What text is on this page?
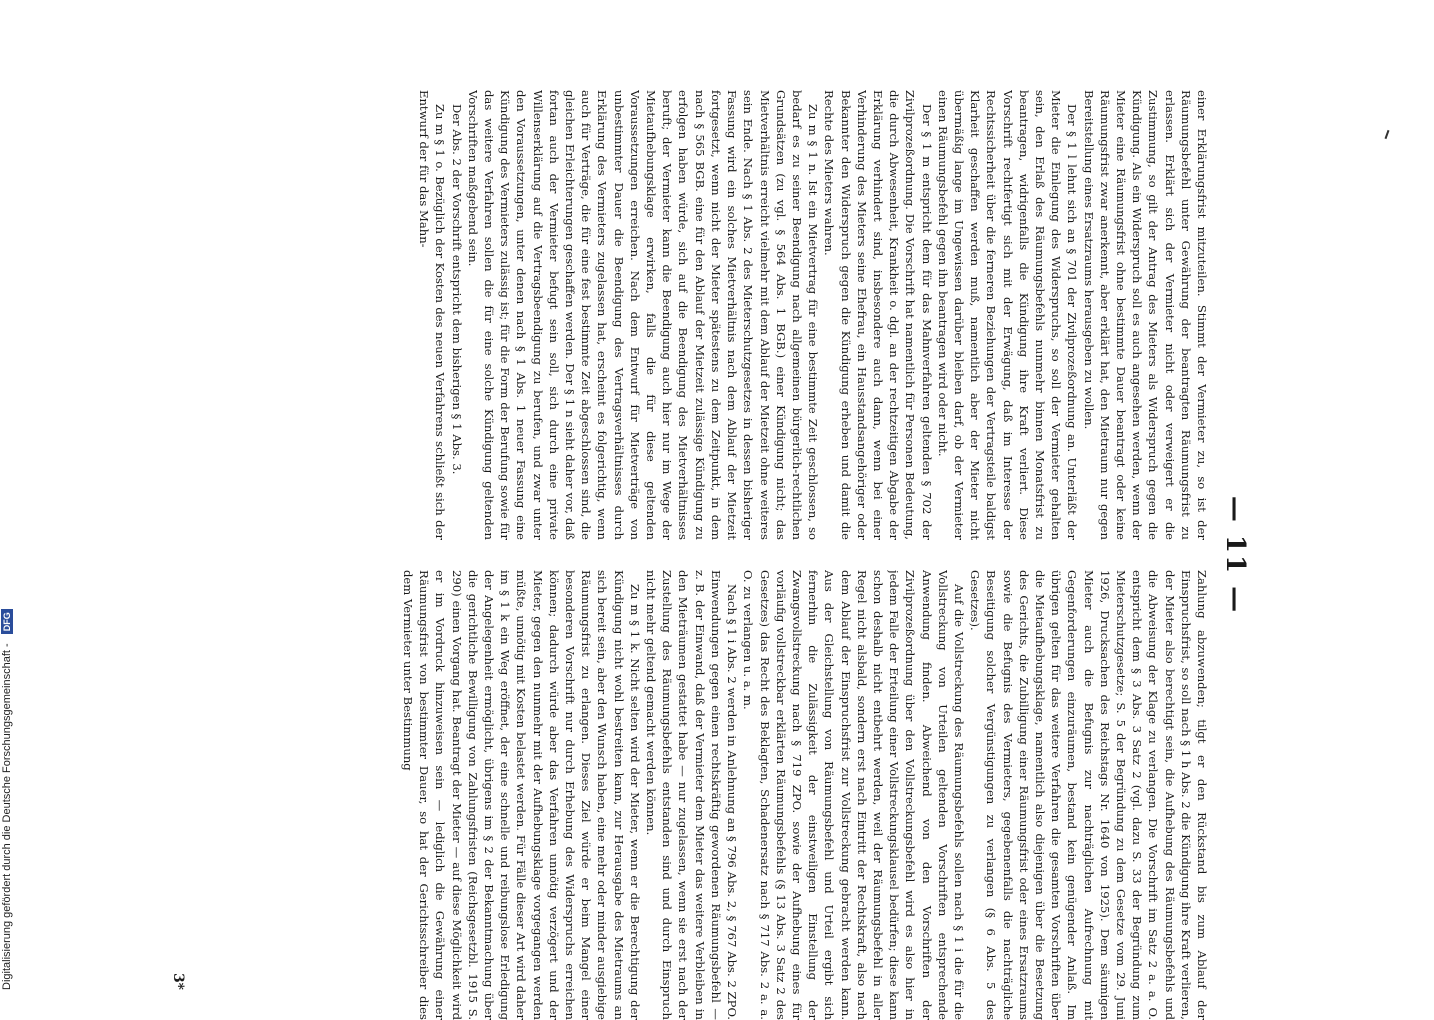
Digitalisierung gefördert durch die Deutsche Forschungsgemeinschaft - DFG
— 11 —

einer Erklärungsfrist mitzuteilen. Stimmt der Vermieter zu, so ist der Räumungsbefehl unter Gewährung der beantragten Räumungsfrist zu erlassen. Erklärt sich der Vermieter nicht oder verweigert er die Zustimmung, so gilt der Antrag des Mieters als Widerspruch gegen die Kündigung. Als ein Widerspruch soll es auch angesehen werden, wenn der Mieter eine Räumungsfrist ohne bestimmte Dauer beantragt oder keine Räumungsfrist zwar anerkennt, aber erklärt hat, den Mietraum nur gegen Bereitstellung eines Ersatzraums herausgeben zu wollen.

Der § 1 l lehnt sich an § 701 der Zivilprozeßordnung an. Unterläßt der Mieter die Einlegung des Widerspruchs, so soll der Vermieter gehalten sein, den Erlaß des Räumungsbefehls nunmehr binnen Monatsfrist zu beantragen, widrigenfalls die Kündigung ihre Kraft verliert. Diese Vorschrift rechtfertigt sich mit der Erwägung, daß im Interesse der Rechtssicherheit über die ferneren Beziehungen der Vertragsteile baldigst Klarheit geschaffen werden muß, namentlich aber der Mieter nicht übermäßig lange im Ungewissen darüber bleiben darf, ob der Vermieter einen Räumungsbefehl gegen ihn beantragen wird oder nicht.

Der § 1 m entspricht dem für das Mahnverfahren geltenden § 702 der Zivilprozeßordnung. Die Vorschrift hat namentlich für Personen Bedeutung, die durch Abwesenheit, Krankheit o. dgl. an der rechtzeitigen Abgabe der Erklärung verhindert sind, insbesondere auch dann, wenn bei einer Verhinderung des Mieters seine Ehefrau, ein Hausstandsangehöriger oder Bekannter den Widerspruch gegen die Kündigung erheben und damit die Rechte des Mieters wahren.

Zu m § 1 n. Ist ein Mietvertrag für eine bestimmte Zeit geschlossen, so bedarf es zu seiner Beendigung nach allgemeinen bürgerlich-rechtlichen Grundsätzen (zu vgl. § 564 Abs. 1 BGB.) einer Kündigung nicht; das Mietverhältnis erreicht vielmehr mit dem Ablauf der Mietzeit ohne weiteres sein Ende. Nach § 1 Abs. 2 des Mieterschutzgesetzes in dessen bisheriger Fassung wird ein solches Mietverhältnis nach dem Ablauf der Mietzeit fortgesetzt, wenn nicht der Mieter spätestens zu dem Zeitpunkt, in dem nach § 565 BGB. eine für den Ablauf der Mietzeit zulässige Kündigung zu erfolgen haben würde, sich auf die Beendigung des Mietverhältnisses beruft; der Vermieter kann die Beendigung auch hier nur im Wege der Mietaufhebungsklage erwirken, falls die für diese geltenden Voraussetzungen erreichen. Nach dem Entwurf für Mietverträge von unbestimmter Dauer die Beendigung des Vertragsverhältnisses durch Erklärung des Vermieters zugelassen hat, erscheint es folgerichtig, wenn auch für Verträge, die für eine fest bestimmte Zeit abgeschlossen sind, die gleichen Erleichterungen geschaffen werden. Der § 1 n sieht daher vor, daß fortan auch der Vermieter befugt sein soll, sich durch eine private Willenserklärung auf die Vertragsbeendigung zu berufen, und zwar unter den Voraussetzungen, unter denen nach § 1 Abs. 1 neuer Fassung eine Kündigung des Vermieters zulässig ist; für die Form der Berufung sowie für das weitere Verfahren sollen die für eine solche Kündigung geltenden Vorschriften maßgebend sein.

Der Abs. 2 der Vorschrift entspricht dem bisherigen § 1 Abs. 3.

Zu m § 1 o. Bezüglich der Kosten des neuen Verfahrens schließt sich der Entwurf der für das Mahn-

Zahlung abzuwenden; tilgt er den Rückstand bis zum Ablauf der Einspruchsfrist, so soll nach § 1 h Abs. 2 die Kündigung ihre Kraft verlieren, der Mieter also berechtigt sein, die Aufhebung des Räumungsbefehls und die Abweisung der Klage zu verlangen. Die Vorschrift im Satz 2 a. a. O. entspricht dem § 3 Abs. 3 Satz 2 (vgl. dazu S. 33 der Begründung zum Mieterschutzgesetze; S. 5 der Begründung zu dem Gesetze vom 29. Juni 1926, Drucksachen des Reichstags Nr. 1640 von 1925). Dem säumigen Mieter auch die Befugnis zur nachträglichen Aufrechnung mit Gegenforderungen einzuräumen, bestand kein genügender Anlaß. Im übrigen gelten für das weitere Verfahren die gesamten Vorschriften über die Mietaufhebungsklage, namentlich also diejenigen über die Besetzung des Gerichts, die Zubilligung einer Räumungsfrist oder eines Ersatzraums sowie die Befugnis des Vermieters, gegebenenfalls die nachträgliche Beseitigung solcher Vergünstigungen zu verlangen (§ 6 Abs. 5 des Gesetzes).

Auf die Vollstreckung des Räumungsbefehls sollen nach § 1 i die für die Vollstreckung von Urteilen geltenden Vorschriften entsprechende Anwendung finden. Abweichend von den Vorschriften der Zivilprozeßordnung über den Vollstreckungsbefehl wird es also hier in jedem Falle der Erteilung einer Vollstreckungsklausel bedürfen; diese kann schon deshalb nicht entbehrt werden, weil der Räumungsbefehl in aller Regel nicht alsbald, sondern erst nach Eintritt der Rechtskraft, also nach dem Ablauf der Einspruchsfrist zur Vollstreckung gebracht werden kann. Aus der Gleichstellung von Räumungsbefehl und Urteil ergibt sich fernerhin die Zulässigkeit der einstweiligen Einstellung der Zwangsvollstreckung nach § 719 ZPO. sowie der Aufhebung eines für vorläufig vollstreckbar erklärten Räumungsbefehls (§ 13 Abs. 3 Satz 2 des Gesetzes) das Recht des Beklagten, Schadenersatz nach § 717 Abs. 2 a. a. O. zu verlangen u. a. m.

Nach § 1 i Abs. 2 werden in Anlehnung an § 796 Abs. 2, § 767 Abs. 2 ZPO. Einwendungen gegen einen rechtskräftig gewordenen Räumungsbefehl — z. B. der Einwand, daß der Vermieter dem Mieter das weitere Verbleiben in den Mieträumen gestattet habe — nur zugelassen, wenn sie erst nach der Zustellung des Räumungsbefehls entstanden sind und durch Einspruch nicht mehr geltend gemacht werden können.

Zu m § 1 k. Nicht selten wird der Mieter, wenn er die Berechtigung der Kündigung nicht wohl bestreiten kann, zur Herausgabe des Mietraums an sich bereit sein, aber den Wunsch haben, eine mehr oder minder ausgiebige Räumungsfrist zu erlangen. Dieses Ziel würde er beim Mangel einer besonderen Vorschrift nur durch Erhebung des Widerspruchs erreichen können; dadurch würde aber das Verfahren unnötig verzögert und der Mieter, gegen den nunmehr mit der Aufhebungsklage vorgegangen werden müßte, unnötig mit Kosten belastet werden. Für Fälle dieser Art wird daher im § 1 k ein Weg eröffnet, der eine schnelle und reibungslose Erledigung der Angelegenheit ermöglicht, übrigens im § 2 der Bekanntmachung über die gerichtliche Bewilligung von Zahlungsfristen (Reichsgesetzbl. 1915 S. 290) einen Vorgang hat. Beantragt der Mieter — auf diese Möglichkeit wird er im Vordruck hinzuweisen sein — lediglich die Gewährung einer Räumungsfrist von bestimmter Dauer, so hat der Gerichtsschreiber dies dem Vermieter unter Bestimmung

3*
